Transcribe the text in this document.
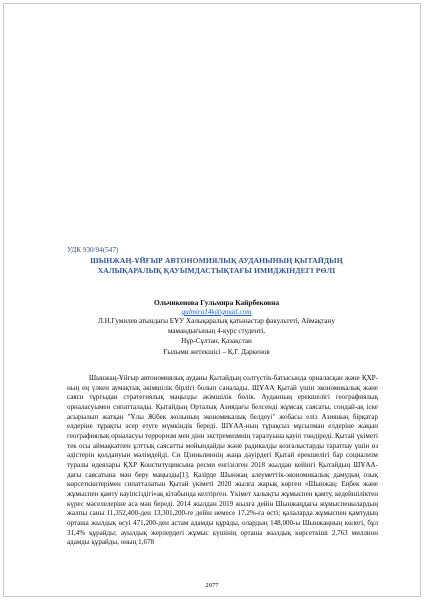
УДК 930/94(547)
ШЫНЖАҢ-ҰЙҒЫР АВТОНОМИЯЛЫҚ АУДАНЫНЫҢ ҚЫТАЙДЫҢ
ХАЛЫҚАРАЛЫҚ ҚАУЫМДАСТЫҚТАҒЫ ИМИДЖІНДЕГІ РӨЛІ
Ольчикенова Гульмира Кайрбековна
gulmira14k@gmail.com
Л.Н.Гумилев атындағы ЕҰУ Халықаралық қатынастар факультеті, Аймақтану
мамандығының 4-курс студенті,
Нұр-Сұлтан, Қазақстан
Ғылыми жетекшісі – Қ.Г. Даркенов

Шынжаң-Ұйғыр автономиялық ауданы Қытайдың солтүстік-батысында орналасқан және ҚХР-ның ең үлкен аумақтық әкімшілік бірлігі болып саналады. ШҰАА Қытай үшін экономикалық және саяси тұрғыдан стратегиялық маңызды әкімшілік бөлік. Ауданның ерекшелігі географиялық орналасуымен сипатталады. Қытайдың Орталық Азиядағы белсенді жұмсақ саясаты, сондай-ақ іске асырылып жатқан "Ұлы Жібек жолының экономикалық белдеуі" жобасы еліз Азияның бірқатар елдеріне тұрақты әсер етуге мүмкіндік береді. ШҰАА-ның тұрақсыз мұсылман елдеріне жақын географиялық орналасуы терроризм мен діни экстремизмнің таралуына қауіп төндіреді. Қытай үкіметі тек осы аймақкатпен ұлттық саясатты мойындайды және радикалды козғалыстарды таратпау үшін өз әдістерін қолдануын мәлімдейді. Си Цзиньпиннің жаңа дәуірдегі Қытай ерекшелігі бар социализм туралы идеялары ҚХР Конституциясына ресми енгізілген 2018 жылдан кейінгі Қытайдың ШҰАА-дағы саясатына мән беру маңызды[1]. Қазірде Шынжаң алеуметтік-экономикалық дамудың озық көрсеткіштерімен сипатталатын Қытай үкіметі 2020 жылға жарық көрген «Шынжаң: Еңбек және жұмыспен қамту кауіпсіздігі»ақ кітабында келтірген. Үкімет халықты жұмыспен қамту, кедейшіліктен күрес мәселелеріне аса мән береді. 2014 жылдан 2019 жылға дейін Шынжаңдағы жұмыспенылардың жалпы саны 11,352,400-ден 13,301,200-ге дейін немесе 17,2%-ға өсті; қалаларда жұмыспен қамтудың орташа жылдық өсуі 471,200-ден астам адамды құрады, олардың 148,000-ы Шынжаңның көлегі, бұл 31,4% құрайды; ауылдық жерлердегі жұмыс күшінің орташа жылдық көрсеткіші 2,763 миллион адамды құрайды, оның 1,678

2077
